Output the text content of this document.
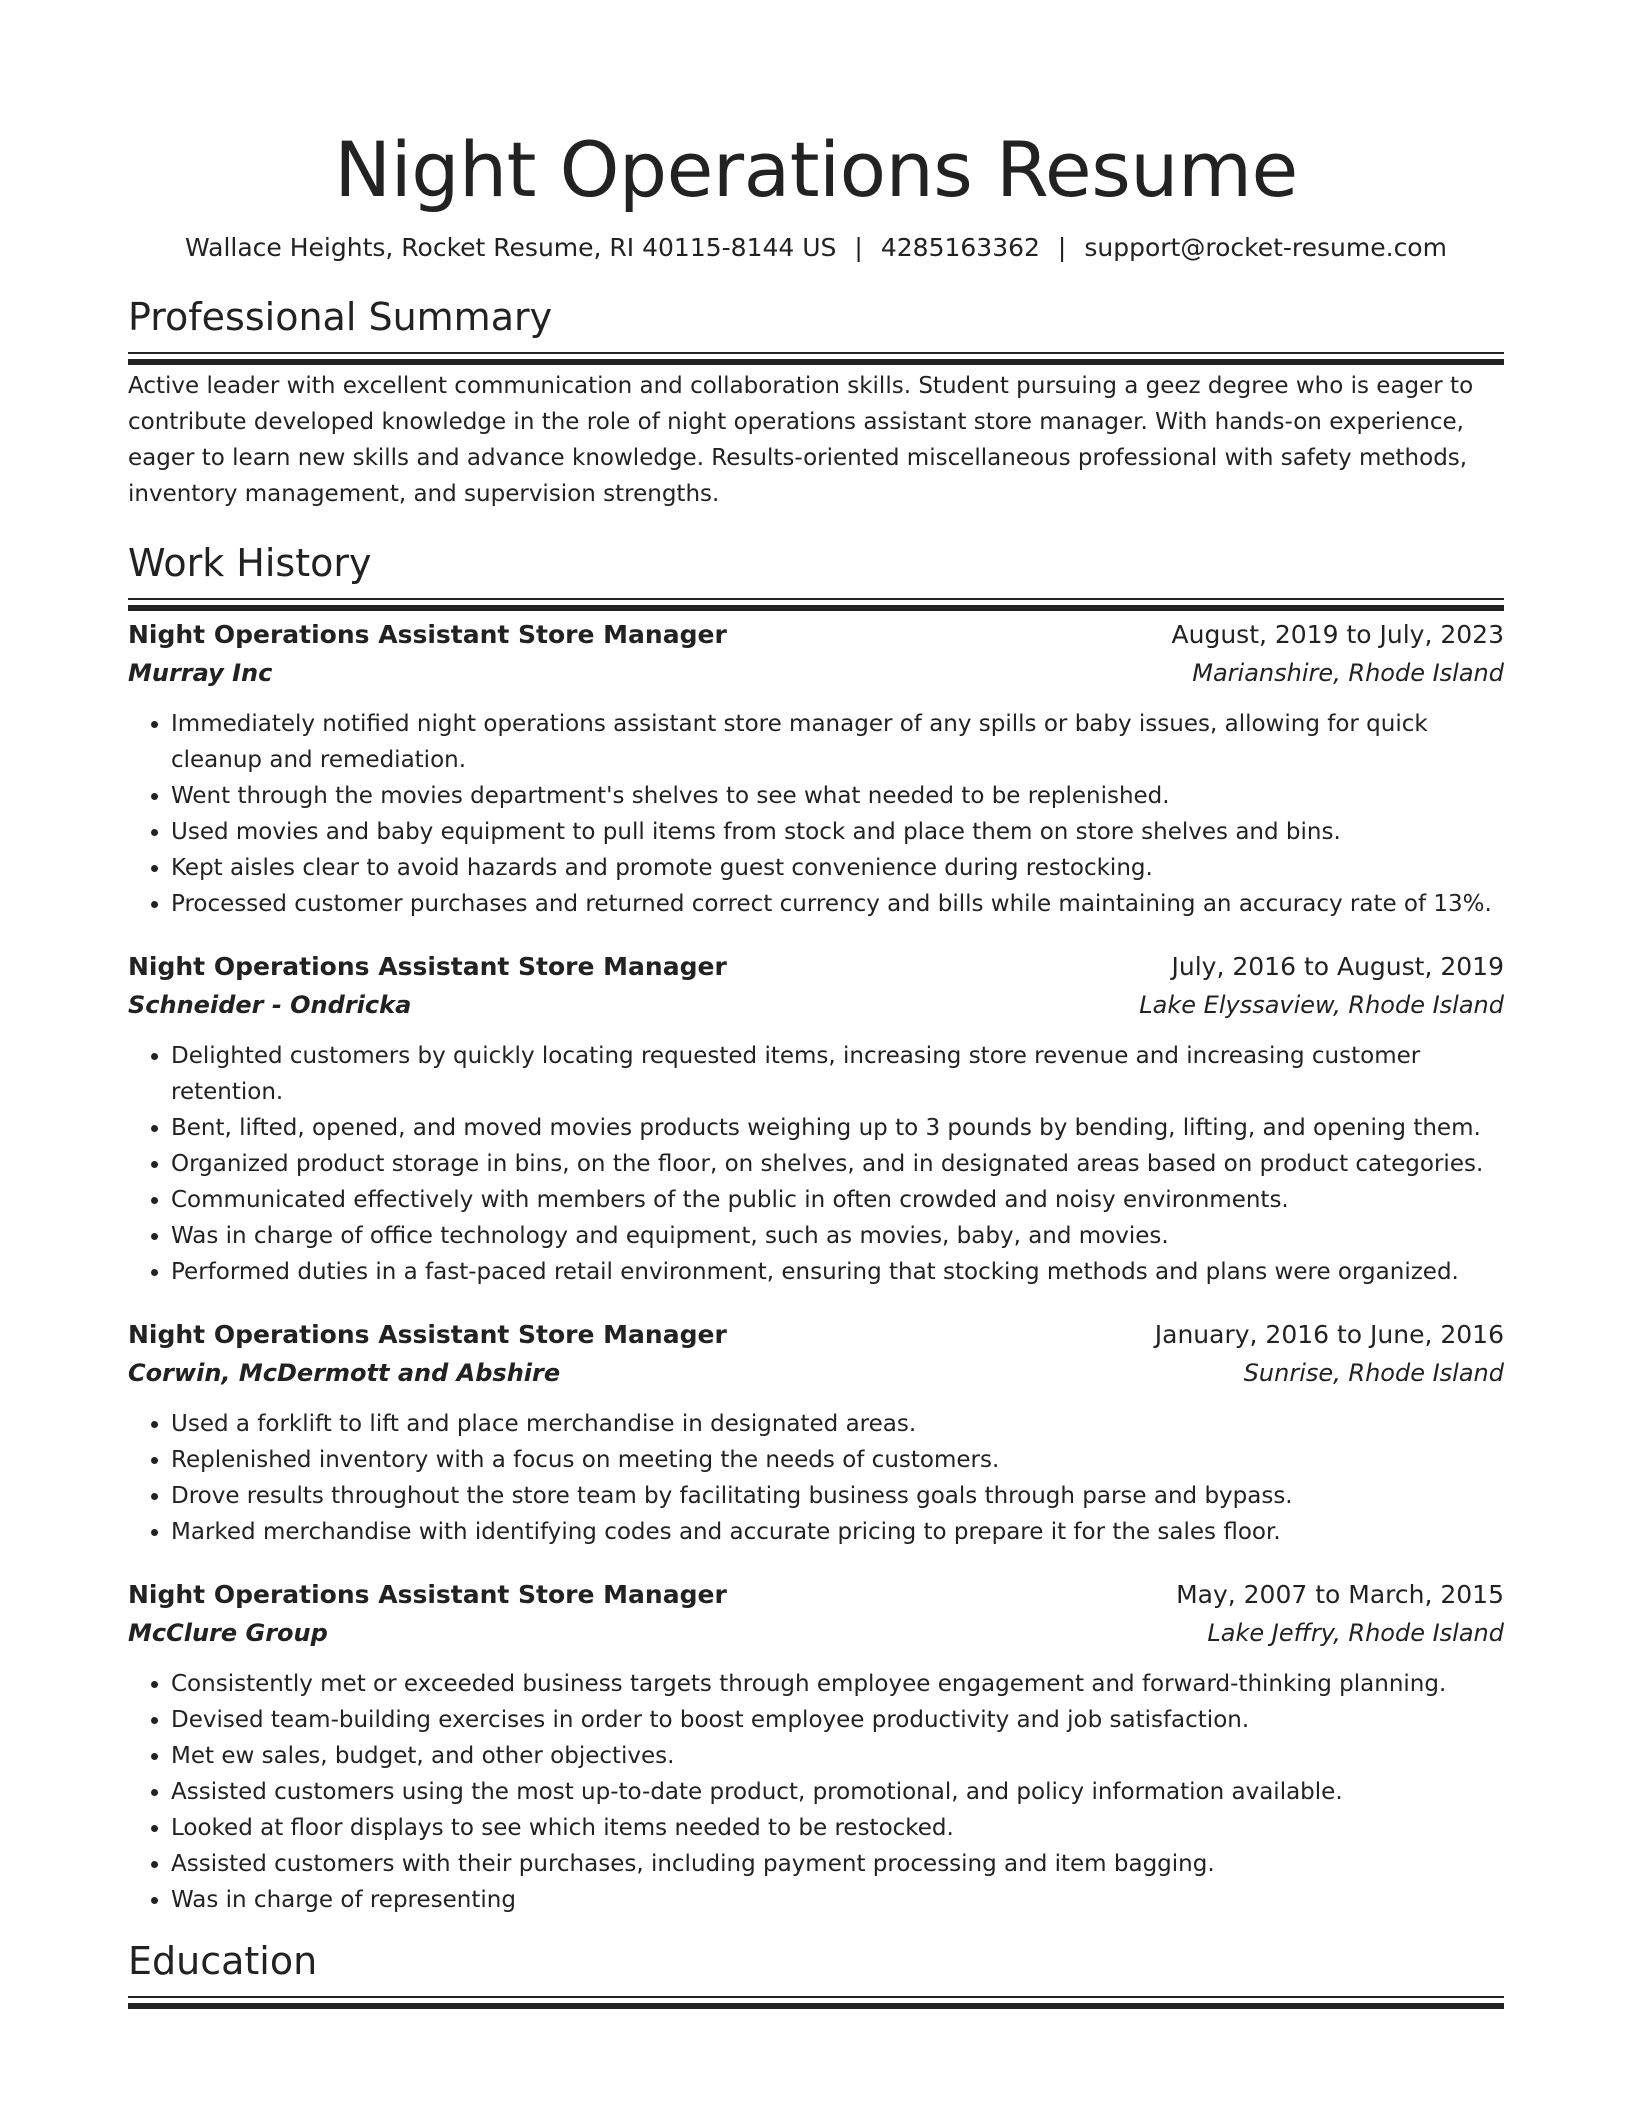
Night Operations Resume
Wallace Heights, Rocket Resume, RI 40115-8144 US | 4285163362 | support@rocket-resume.com
Professional Summary
Active leader with excellent communication and collaboration skills. Student pursuing a geez degree who is eager to contribute developed knowledge in the role of night operations assistant store manager. With hands-on experience, eager to learn new skills and advance knowledge. Results-oriented miscellaneous professional with safety methods, inventory management, and supervision strengths.
Work History
Night Operations Assistant Store Manager	August, 2019 to July, 2023
Murray Inc	Marianshire, Rhode Island
• Immediately notified night operations assistant store manager of any spills or baby issues, allowing for quick cleanup and remediation.
• Went through the movies department's shelves to see what needed to be replenished.
• Used movies and baby equipment to pull items from stock and place them on store shelves and bins.
• Kept aisles clear to avoid hazards and promote guest convenience during restocking.
• Processed customer purchases and returned correct currency and bills while maintaining an accuracy rate of 13%.
Night Operations Assistant Store Manager	July, 2016 to August, 2019
Schneider - Ondricka	Lake Elyssaview, Rhode Island
• Delighted customers by quickly locating requested items, increasing store revenue and increasing customer retention.
• Bent, lifted, opened, and moved movies products weighing up to 3 pounds by bending, lifting, and opening them.
• Organized product storage in bins, on the floor, on shelves, and in designated areas based on product categories.
• Communicated effectively with members of the public in often crowded and noisy environments.
• Was in charge of office technology and equipment, such as movies, baby, and movies.
• Performed duties in a fast-paced retail environment, ensuring that stocking methods and plans were organized.
Night Operations Assistant Store Manager	January, 2016 to June, 2016
Corwin, McDermott and Abshire	Sunrise, Rhode Island
• Used a forklift to lift and place merchandise in designated areas.
• Replenished inventory with a focus on meeting the needs of customers.
• Drove results throughout the store team by facilitating business goals through parse and bypass.
• Marked merchandise with identifying codes and accurate pricing to prepare it for the sales floor.
Night Operations Assistant Store Manager	May, 2007 to March, 2015
McClure Group	Lake Jeffry, Rhode Island
• Consistently met or exceeded business targets through employee engagement and forward-thinking planning.
• Devised team-building exercises in order to boost employee productivity and job satisfaction.
• Met ew sales, budget, and other objectives.
• Assisted customers using the most up-to-date product, promotional, and policy information available.
• Looked at floor displays to see which items needed to be restocked.
• Assisted customers with their purchases, including payment processing and item bagging.
• Was in charge of representing
Education
